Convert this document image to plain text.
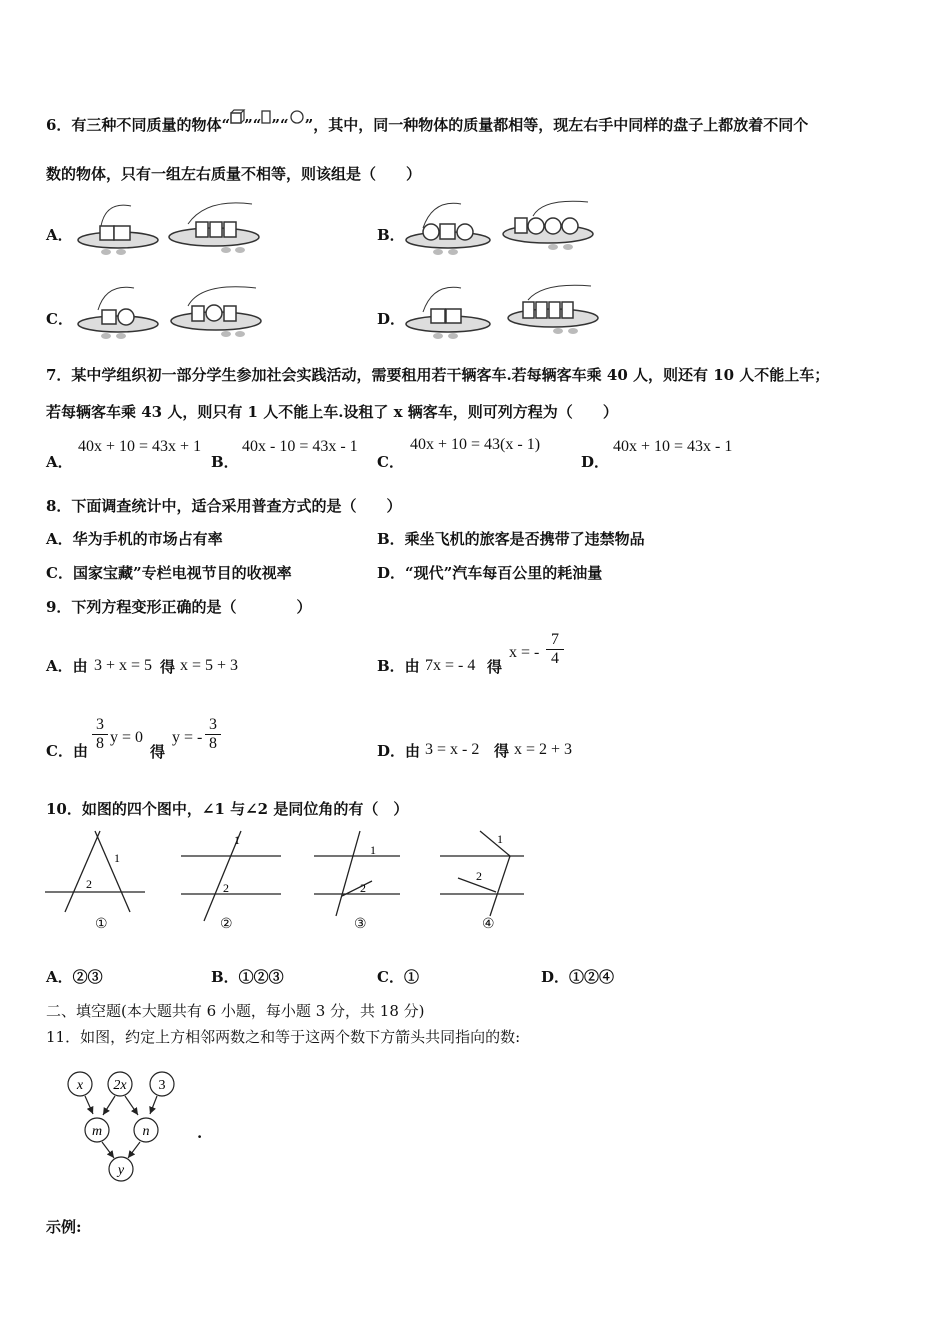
6．有三种不同质量的物体“ ”“ ”“ ”，其中，同一种物体的质量都相等，现左右手中同样的盘子上都放着不同个
数的物体，只有一组左右质量不相等，则该组是（　　）
A．	B．
C．	D．
7．某中学组织初一部分学生参加社会实践活动，需要租用若干辆客车.若每辆客车乘 40 人，则还有 10 人不能上车；
若每辆客车乘 43 人，则只有 1 人不能上车.设租了 x 辆客车，则可列方程为（　　）
A．
40x + 10 = 43x + 1
B．
40x - 10 = 43x - 1
C．
40x + 10 = 43(x - 1)
D．
40x + 10 = 43x - 1
8．下面调查统计中，适合采用普查方式的是（　　）
A．华为手机的市场占有率	B．乘坐飞机的旅客是否携带了违禁物品
C．国家宝藏”专栏电视节目的收视率	D．“现代”汽车每百公里的耗油量
9．下列方程变形正确的是（　　　　）
A．由 3 + x = 5 得 x = 5 + 3	B．由 7x = - 4 得
x = - $\frac{7}{4}$
C．由 $\frac{3}{8}$ y = 0
得
y = - $\frac{3}{8}$	D．由 3 = x - 2 得 x = 2 + 3
10．如图的四个图中，∠1 与∠2 是同位角的有（　）
1
2
①
1
2
②
1
2
③
1
2
④
A．②③	B．①②③	C．①	D．①②④
二、填空题(本大题共有 6 小题，每小题 3 分，共 18 分)
11．如图，约定上方相邻两数之和等于这两个数下方箭头共同指向的数:
x 2x 3
m	n
y
.
示例:
